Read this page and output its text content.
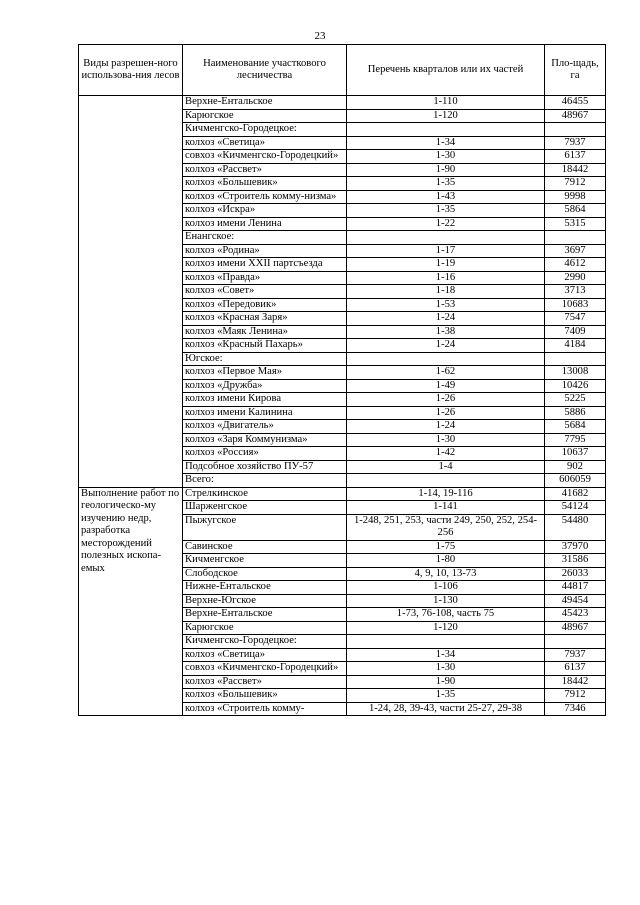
23
Виды разрешен-ного использова-ния лесов	Наименование участкового лесничества	Перечень кварталов или их частей	Пло-щадь, га
	Верхне-Ентальское	1-110	46455
	Карюгское	1-120	48967
	Кичменгско-Городецкое:		
	колхоз «Светица»	1-34	7937
	совхоз «Кичменгско-Городецкий»	1-30	6137
	колхоз «Рассвет»	1-90	18442
	колхоз «Большевик»	1-35	7912
	колхоз «Строитель комму-низма»	1-43	9998
	колхоз «Искра»	1-35	5864
	колхоз имени Ленина	1-22	5315
	Енангское:		
	колхоз «Родина»	1-17	3697
	колхоз имени XXII партсъезда	1-19	4612
	колхоз «Правда»	1-16	2990
	колхоз «Совет»	1-18	3713
	колхоз «Передовик»	1-53	10683
	колхоз «Красная Заря»	1-24	7547
	колхоз «Маяк Ленина»	1-38	7409
	колхоз «Красный Пахарь»	1-24	4184
	Югское:		
	колхоз «Первое Мая»	1-62	13008
	колхоз «Дружба»	1-49	10426
	колхоз имени Кирова	1-26	5225
	колхоз имени Калинина	1-26	5886
	колхоз «Двигатель»	1-24	5684
	колхоз «Заря Коммунизма»	1-30	7795
	колхоз «Россия»	1-42	10637
	Подсобное хозяйство ПУ-57	1-4	902
	Всего:		606059
Выполнение работ по геологическо-му изучению недр, разработка месторождений полезных ископа-емых	Стрелкинское	1-14, 19-116	41682
	Шарженгское	1-141	54124
	Пыжугское	1-248, 251, 253, части 249, 250, 252, 254-256	54480
	Савинское	1-75	37970
	Кичменгское	1-80	31586
	Слободское	4, 9, 10, 13-73	26033
	Нижне-Ентальское	1-106	44817
	Верхне-Югское	1-130	49454
	Верхне-Ентальское	1-73, 76-108, часть 75	45423
	Карюгское	1-120	48967
	Кичменгско-Городецкое:		
	колхоз «Светица»	1-34	7937
	совхоз «Кичменгско-Городецкий»	1-30	6137
	колхоз «Рассвет»	1-90	18442
	колхоз «Большевик»	1-35	7912
	колхоз «Строитель комму-	1-24, 28, 39-43, части 25-27, 29-38	7346
